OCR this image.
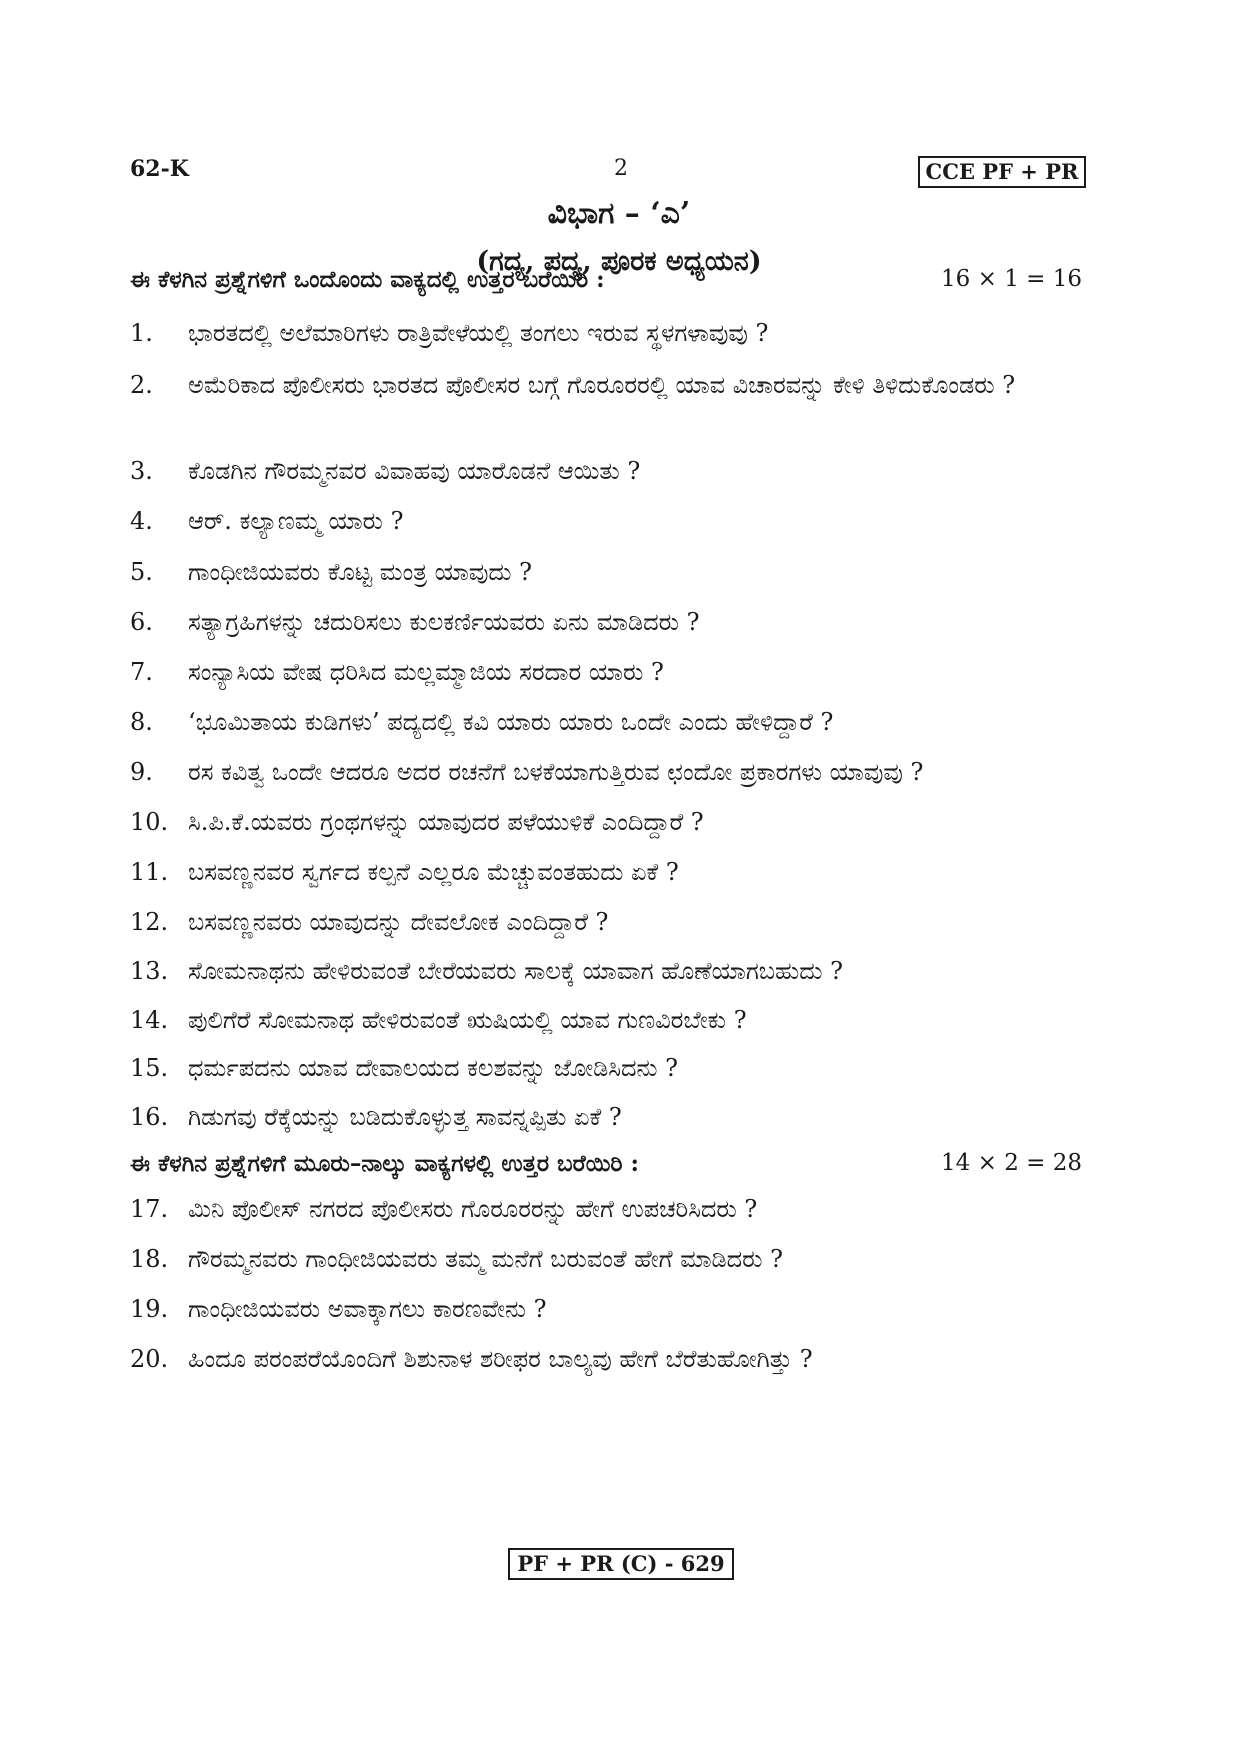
62-K	2	CCE PF + PR
ವಿಭಾಗ – ‘ಎ’
(ಗದ್ಯ, ಪದ್ಯ, ಪೂರಕ ಅಧ್ಯಯನ)
ಈ ಕೆಳಗಿನ ಪ್ರಶ್ನೆಗಳಿಗೆ ಒಂದೊಂದು ವಾಕ್ಯದಲ್ಲಿ ಉತ್ತರ ಬರೆಯಿರಿ :	16 × 1 = 16
1.	ಭಾರತದಲ್ಲಿ ಅಲೆಮಾರಿಗಳು ರಾತ್ರಿವೇಳೆಯಲ್ಲಿ ತಂಗಲು ಇರುವ ಸ್ಥಳಗಳಾವುವು ?
2.	ಅಮೆರಿಕಾದ ಪೊಲೀಸರು ಭಾರತದ ಪೊಲೀಸರ ಬಗ್ಗೆ ಗೊರೂರರಲ್ಲಿ ಯಾವ ವಿಚಾರವನ್ನು ಕೇಳಿ ತಿಳಿದುಕೊಂಡರು ?
3.	ಕೊಡಗಿನ ಗೌರಮ್ಮನವರ ವಿವಾಹವು ಯಾರೊಡನೆ ಆಯಿತು ?
4.	ಆರ್. ಕಲ್ಯಾಣಮ್ಮ ಯಾರು ?
5.	ಗಾಂಧೀಜಿಯವರು ಕೊಟ್ಟ ಮಂತ್ರ ಯಾವುದು ?
6.	ಸತ್ಯಾಗ್ರಹಿಗಳನ್ನು ಚದುರಿಸಲು ಕುಲಕರ್ಣಿಯವರು ಏನು ಮಾಡಿದರು ?
7.	ಸಂನ್ಯಾಸಿಯ ವೇಷ ಧರಿಸಿದ ಮಲ್ಲಮ್ಮಾಜಿಯ ಸರದಾರ ಯಾರು ?
8.	‘ಭೂಮಿತಾಯ ಕುಡಿಗಳು’ ಪದ್ಯದಲ್ಲಿ ಕವಿ ಯಾರು ಯಾರು ಒಂದೇ ಎಂದು ಹೇಳಿದ್ದಾರೆ ?
9.	ರಸ ಕವಿತ್ವ ಒಂದೇ ಆದರೂ ಅದರ ರಚನೆಗೆ ಬಳಕೆಯಾಗುತ್ತಿರುವ ಛಂದೋ ಪ್ರಕಾರಗಳು ಯಾವುವು ?
10. ಸಿ.ಪಿ.ಕೆ.ಯವರು ಗ್ರಂಥಗಳನ್ನು ಯಾವುದರ ಪಳೆಯುಳಿಕೆ ಎಂದಿದ್ದಾರೆ ?
11. ಬಸವಣ್ಣನವರ ಸ್ವರ್ಗದ ಕಲ್ಪನೆ ಎಲ್ಲರೂ ಮೆಚ್ಚುವಂತಹುದು ಏಕೆ ?
12. ಬಸವಣ್ಣನವರು ಯಾವುದನ್ನು ದೇವಲೋಕ ಎಂದಿದ್ದಾರೆ ?
13. ಸೋಮನಾಥನು ಹೇಳಿರುವಂತೆ ಬೇರೆಯವರು ಸಾಲಕ್ಕೆ ಯಾವಾಗ ಹೊಣೆಯಾಗಬಹುದು ?
14. ಪುಲಿಗೆರೆ ಸೋಮನಾಥ ಹೇಳಿರುವಂತೆ ಋಷಿಯಲ್ಲಿ ಯಾವ ಗುಣವಿರಬೇಕು ?
15. ಧರ್ಮಪದನು ಯಾವ ದೇವಾಲಯದ ಕಲಶವನ್ನು ಜೋಡಿಸಿದನು ?
16. ಗಿಡುಗವು ರೆಕ್ಕೆಯನ್ನು ಬಡಿದುಕೊಳ್ಳುತ್ತ ಸಾವನ್ನಪ್ಪಿತು ಏಕೆ ?
ಈ ಕೆಳಗಿನ ಪ್ರಶ್ನೆಗಳಿಗೆ ಮೂರು–ನಾಲ್ಕು ವಾಕ್ಯಗಳಲ್ಲಿ ಉತ್ತರ ಬರೆಯಿರಿ :	14 × 2 = 28
17. ಮಿನಿ ಪೊಲೀಸ್ ನಗರದ ಪೊಲೀಸರು ಗೊರೂರರನ್ನು ಹೇಗೆ ಉಪಚರಿಸಿದರು ?
18. ಗೌರಮ್ಮನವರು ಗಾಂಧೀಜಿಯವರು ತಮ್ಮ ಮನೆಗೆ ಬರುವಂತೆ ಹೇಗೆ ಮಾಡಿದರು ?
19. ಗಾಂಧೀಜಿಯವರು ಅವಾಕ್ಕಾಗಲು ಕಾರಣವೇನು ?
20. ಹಿಂದೂ ಪರಂಪರೆಯೊಂದಿಗೆ ಶಿಶುನಾಳ ಶರೀಫರ ಬಾಲ್ಯವು ಹೇಗೆ ಬೆರೆತುಹೋಗಿತ್ತು ?
PF + PR (C) - 629
